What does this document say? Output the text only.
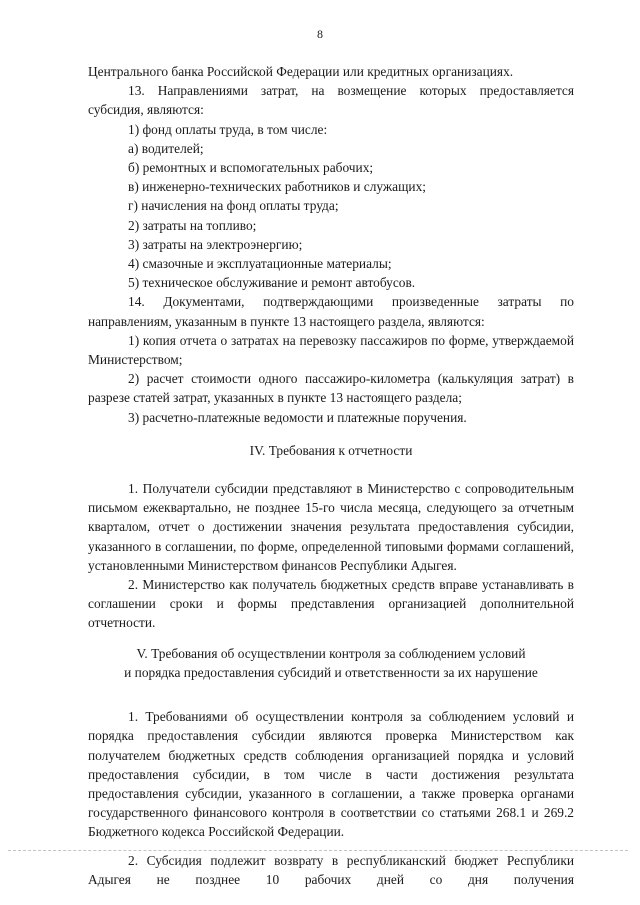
8

Центрального банка Российской Федерации или кредитных организациях.

13. Направлениями затрат, на возмещение которых предоставляется субсидия, являются:

1) фонд оплаты труда, в том числе:

а) водителей;

б) ремонтных и вспомогательных рабочих;

в) инженерно-технических работников и служащих;

г) начисления на фонд оплаты труда;

2) затраты на топливо;

3) затраты на электроэнергию;

4) смазочные и эксплуатационные материалы;

5) техническое обслуживание и ремонт автобусов.

14. Документами, подтверждающими произведенные затраты по направлениям, указанным в пункте 13 настоящего раздела, являются:

1) копия отчета о затратах на перевозку пассажиров по форме, утверждаемой Министерством;

2) расчет стоимости одного пассажиро-километра (калькуляция затрат) в разрезе статей затрат, указанных в пункте 13 настоящего раздела;

3) расчетно-платежные ведомости и платежные поручения.

IV. Требования к отчетности

1. Получатели субсидии представляют в Министерство с сопроводительным письмом ежеквартально, не позднее 15-го числа месяца, следующего за отчетным кварталом, отчет о достижении значения результата предоставления субсидии, указанного в соглашении, по форме, определенной типовыми формами соглашений, установленными Министерством финансов Республики Адыгея.

2. Министерство как получатель бюджетных средств вправе устанавливать в соглашении сроки и формы представления организацией дополнительной отчетности.

V. Требования об осуществлении контроля за соблюдением условий

и порядка предоставления субсидий и ответственности за их нарушение

1. Требованиями об осуществлении контроля за соблюдением условий и порядка предоставления субсидии являются проверка Министерством как получателем бюджетных средств соблюдения организацией порядка и условий предоставления субсидии, в том числе в части достижения результата предоставления субсидии, указанного в соглашении, а также проверка органами государственного финансового контроля в соответствии со статьями 268.1 и 269.2 Бюджетного кодекса Российской Федерации.

2. Субсидия подлежит возврату в республиканский бюджет Республики Адыгея не позднее 10 рабочих дней со дня получения
